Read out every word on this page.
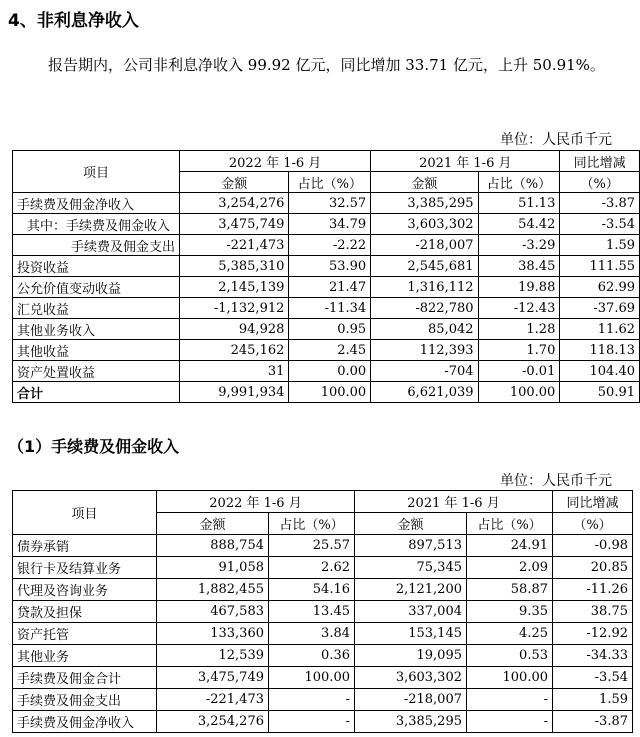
4、非利息净收入
报告期内，公司非利息净收入 99.92 亿元，同比增加 33.71 亿元，上升 50.91%。
单位：人民币千元
项目	2022 年 1-6 月		2021 年 1-6 月		同比增减
	金额	占比（%）	金额	占比（%）	（%）
手续费及佣金净收入	3,254,276	32.57	3,385,295	51.13	-3.87
其中：手续费及佣金收入	3,475,749	34.79	3,603,302	54.42	-3.54
手续费及佣金支出	-221,473	-2.22	-218,007	-3.29	1.59
投资收益	5,385,310	53.90	2,545,681	38.45	111.55
公允价值变动收益	2,145,139	21.47	1,316,112	19.88	62.99
汇兑收益	-1,132,912	-11.34	-822,780	-12.43	-37.69
其他业务收入	94,928	0.95	85,042	1.28	11.62
其他收益	245,162	2.45	112,393	1.70	118.13
资产处置收益	31	0.00	-704	-0.01	104.40
合计	9,991,934	100.00	6,621,039	100.00	50.91
（1）手续费及佣金收入
单位：人民币千元
项目	2022 年 1-6 月		2021 年 1-6 月		同比增减
	金额	占比（%）	金额	占比（%）	（%）
债券承销	888,754	25.57	897,513	24.91	-0.98
银行卡及结算业务	91,058	2.62	75,345	2.09	20.85
代理及咨询业务	1,882,455	54.16	2,121,200	58.87	-11.26
贷款及担保	467,583	13.45	337,004	9.35	38.75
资产托管	133,360	3.84	153,145	4.25	-12.92
其他业务	12,539	0.36	19,095	0.53	-34.33
手续费及佣金合计	3,475,749	100.00	3,603,302	100.00	-3.54
手续费及佣金支出	-221,473	-	-218,007	-	1.59
手续费及佣金净收入	3,254,276	-	3,385,295	-	-3.87
